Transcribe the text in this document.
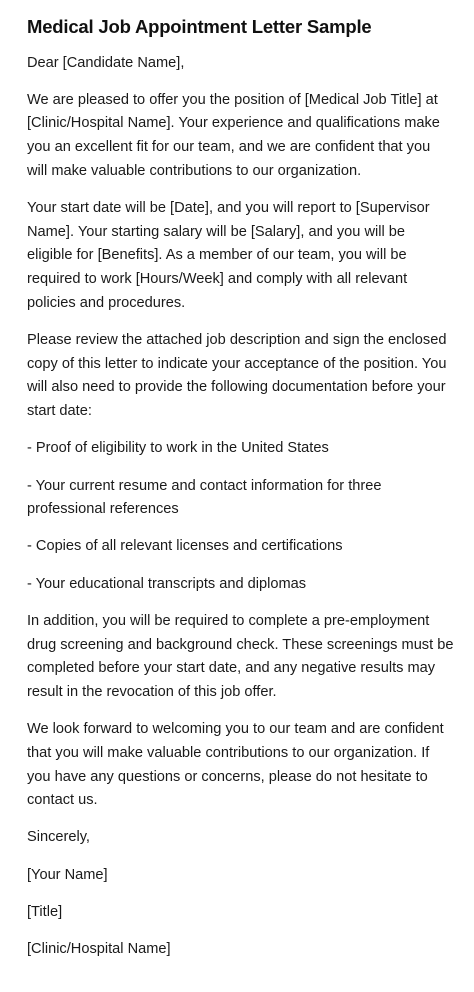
Medical Job Appointment Letter Sample

Dear [Candidate Name],

We are pleased to offer you the position of [Medical Job Title] at [Clinic/Hospital Name]. Your experience and qualifications make you an excellent fit for our team, and we are confident that you will make valuable contributions to our organization.

Your start date will be [Date], and you will report to [Supervisor Name]. Your starting salary will be [Salary], and you will be eligible for [Benefits]. As a member of our team, you will be required to work [Hours/Week] and comply with all relevant policies and procedures.

Please review the attached job description and sign the enclosed copy of this letter to indicate your acceptance of the position. You will also need to provide the following documentation before your start date:

- Proof of eligibility to work in the United States

- Your current resume and contact information for three professional references

- Copies of all relevant licenses and certifications

- Your educational transcripts and diplomas

In addition, you will be required to complete a pre-employment drug screening and background check. These screenings must be completed before your start date, and any negative results may result in the revocation of this job offer.

We look forward to welcoming you to our team and are confident that you will make valuable contributions to our organization. If you have any questions or concerns, please do not hesitate to contact us.

Sincerely,

[Your Name]

[Title]

[Clinic/Hospital Name]
